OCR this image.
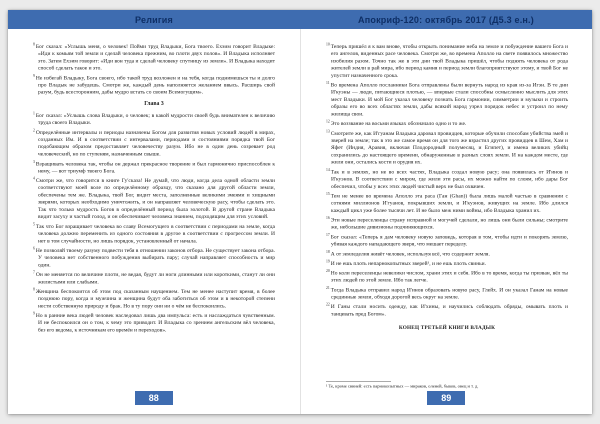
Религия	Апокриф-120: октябрь 2017 (Д5.3 е.н.)

$^8$Бог сказал: «Услышь меня, о человек! Пойми труд Владыки, Бога твоего. Ехэим говорит Владыке: «Иди к комьям той земли и сделай человека прежним, во плоти двух полов». И Владыка исполняет это. Затем Ехэим говорит: «Иди вон туда и сделай человеку спутницу из земли». И Владыка находит способ сделать такое и это.

$^9$Не избегай Владыку, Бога своего, ибо такой труд возложен и на тебя, когда поднимешься ты и долго про Владык не забудешь. Смотри же, каждый день наполняется желанием ввысь. Расширь свой разум, будь всесторонним, дабы мудро встать со своим Всемогущим».

Глава 3

$^1$Бог сказал: «Услышь слова Владыки, о человек; в какой мудрости своей будь внимателен к величию труда своего Владыки.

$^2$Определённые интервалы и периоды назначены Богом для развития новых условий людей в мирах, созданных Им. И в соответствии с интервалами, периодами и состояниями порядка твой Бог подобающим образом предоставляет человечеству разум. Ибо не в один день созревает род человеческий, но по ступеням, назначенным свыше.

$^3$Взращивать человека так, чтобы он держал прекрасное творение и был гармонично приспособлен к нему, — вот триумф твоего Бога.

$^4$Смотри же, что говорится в книге Гу'сказа! Не думай, что люди, когда дела одной области земли соответствуют моей воле по определённому образцу, что сказано для другой области земли, обеспечены тем же. Владыка, твой Бог, видит места, заполненные великими змеями и хищными зверями, которых необходимо уничтожить, и он направляет человеческую расу, чтобы сделать это. Так что только мудрость Богов в определённый период была золотой. В другой стране Владыка видит засуху и частый голод, и он обеспечивает человека знанием, подходящим для этих условий.

$^5$Так что Бог взращивает человека во славу Всемогущего в соответствии с периодами на земле, когда человека должно переменить из одного состояния в другое в соответствии с прогрессом земли. И нет в том случайности, но лишь порядок, установленный от начала.

$^6$Не позволяй твоему разуму подвести тебя в отношении законов отбора. Не существует закона отбора. У человека нет собственного побуждения выбирать пару; случай направляет способность и мир один.

$^7$Он не меняется по величине плоти, не ведая, будут ли ноги длинными или короткими, станут ли они жилистыми или слабыми.

$^8$Женщина беспокоится об этом под сказанным наущением. Тем не менее наступит время, в более позднюю пору, когда и мужчина и женщина будут оба заботиться об этом и в некоторой степени нести собственную природу и брак. Но в ту пору они ни о чём не беспокоились.

$^9$Но в ранние века людей человек наследовал лишь два импульса: есть и наслаждаться чувственным. И не беспокоился он о том, к чему это приводит. И Владыка со зрением ангельским вёл человека, без его ведома, к источникам его времён и переходов».

88

$^{10}$Теперь пришёл я к вам внове, чтобы открыть понимание неба на земле и побуждение вашего Бога и его ангелов, виденных расе человека. Смотри же, во времена Аполло на свете появилось множество изобилия разом. Точно так же в эти дни твой Владыка пришёл, чтобы поднять человека от рода жителей земли в рай мира, ибо период камня и период земли благоприятствуют этому, и твой Бог не упустит назначенного срока.

$^{11}$Во времена Аполло посланники Бога отправлены были вернуть народ из края из-за Игэн. В те дни И'куэны — люди, питающиеся плотью, — впервые стали способны осмысленно мыслить для этих мест Владыки. И мой Бог указал человеку познать Бога гармонии, симметрии и музыки и строить образы его во всех областях земли, дабы всякий народ узрел порядок небес и устроил по нему жилища свои.

$^{12}$Это воззвание на восьми языках обозначало одно и то же.

$^{13}$Смотрите же, как И'гуанам Владыка даровал провидцев, которые обучили способам убийства змей и зверей на земле; так в это же самое время он для того же взрастил других провидцев в Шем, Хам и Яфет (Индия, Аравия, включая Плодородный полумесяц, и Египет), и имена великих убийц сохранились до настоящего времени, обнаруженные в разных слоях земли. И на каждом месте, где жили они, остались кости и орудия их.

$^{14}$Так и в землях, но не во всех частях, Владыка создал новую расу; она появилась от И'инов и И'куэнов. В соответствии с миром, где жили эти расы, их можно найти по слоям, ибо дары Бог обеспечил, чтобы у всех этих людей чистый верх не был охвачен.

$^{15}$Тем не менее во времена Аполло эта раса (Ган (Ghan)) была лишь малой частью в сравнении с сотнями миллионов И'гуанов, покрывших земли, и И'куэнов, живущих на земле. Ибо длился каждый цикл уже более тысячи лет. И не было меж ними войны, ибо Владыка хранил их.

$^{16}$Эти новые переселенцы страну исправной и могучей сделали, но лишь они были сильны; смотрите же, небольшие дивизионы подчиняющихся.

$^{17}$Бог сказал: «Теперь я дам человеку новую заповедь, которая в том, чтобы идти и покорять землю, убивая каждого нападающего зверя, что мешает переделу.

$^{18}$А от земледелия живёт человек, используя всё, что содержит земля.

$^{19}$И не ешь плоть непарнокопытных зверей¹, и не ешь плоть свиньи.

$^{20}$Но коли переселенцы невелики числом, храни этих и себя. Ибо в то время, когда ты призван, вёл ты этих людей по этой земле. Ибо так легче.

$^{21}$Тогда Владыка отправил народ И'инов образовать новую расу, Глейх. И он указал Ганам на новые срединные земли, обходя дорогой весь округ на земле.

$^{22}$И Ганы стали носить одежду, как И'хины, и научились соблюдать обряды, омывать плоть и танцевать пред Богом».

КОНЕЦ ТРЕТЬЕЙ КНИГИ ВЛАДЫК
¹ Те, кроме свиней: есть парнокопытных — мираков, оленей, быков, овец и т. д.
89
